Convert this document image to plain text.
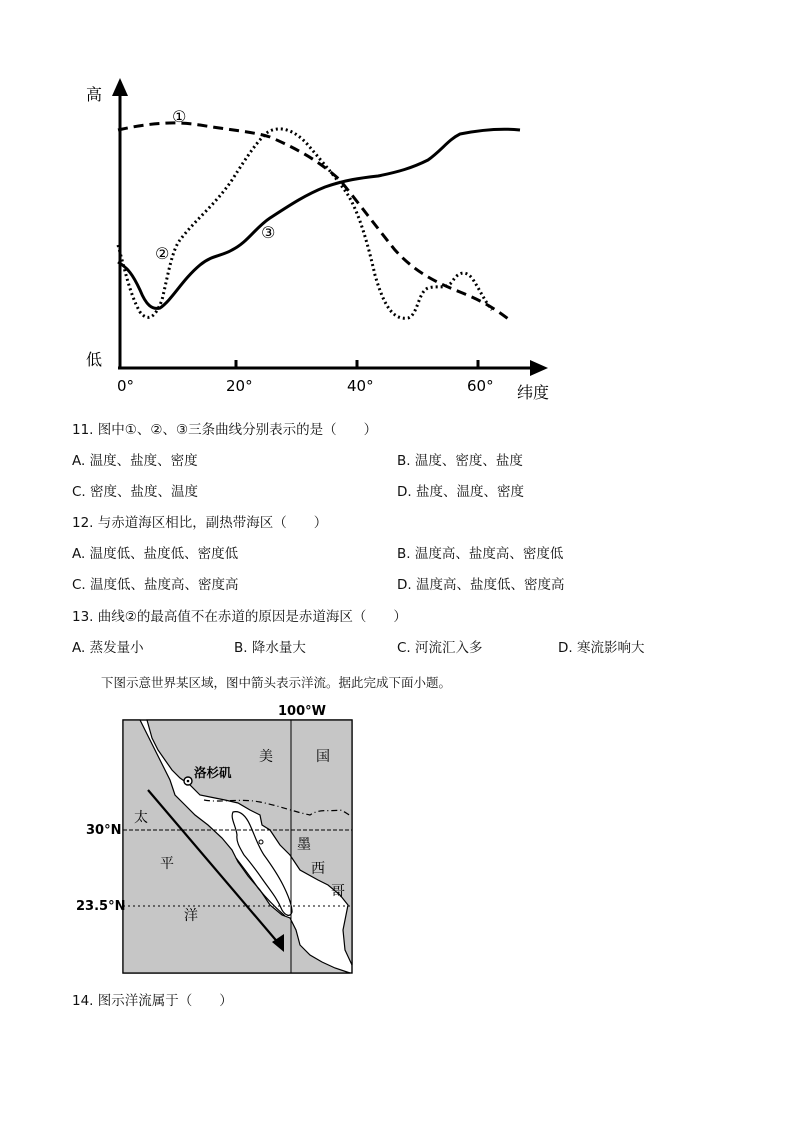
高
低
0°	20°	40°	60° 纬度
①
②
③
11. 图中①、②、③三条曲线分别表示的是（　　）
A. 温度、盐度、密度	B. 温度、密度、盐度
C. 密度、盐度、温度	D. 盐度、温度、密度
12. 与赤道海区相比，副热带海区（　　）
A. 温度低、盐度低、密度低	B. 温度高、盐度高、密度低
C. 温度低、盐度高、密度高	D. 温度高、盐度低、密度高
13. 曲线②的最高值不在赤道的原因是赤道海区（　　）
A. 蒸发量小	B. 降水量大	C. 河流汇入多	D. 寒流影响大
下图示意世界某区域，图中箭头表示洋流。据此完成下面小题。
100°W
30°N
23.5°N
洛杉矶
美	国
墨
西
哥
太
平
洋
14. 图示洋流属于（　　）
